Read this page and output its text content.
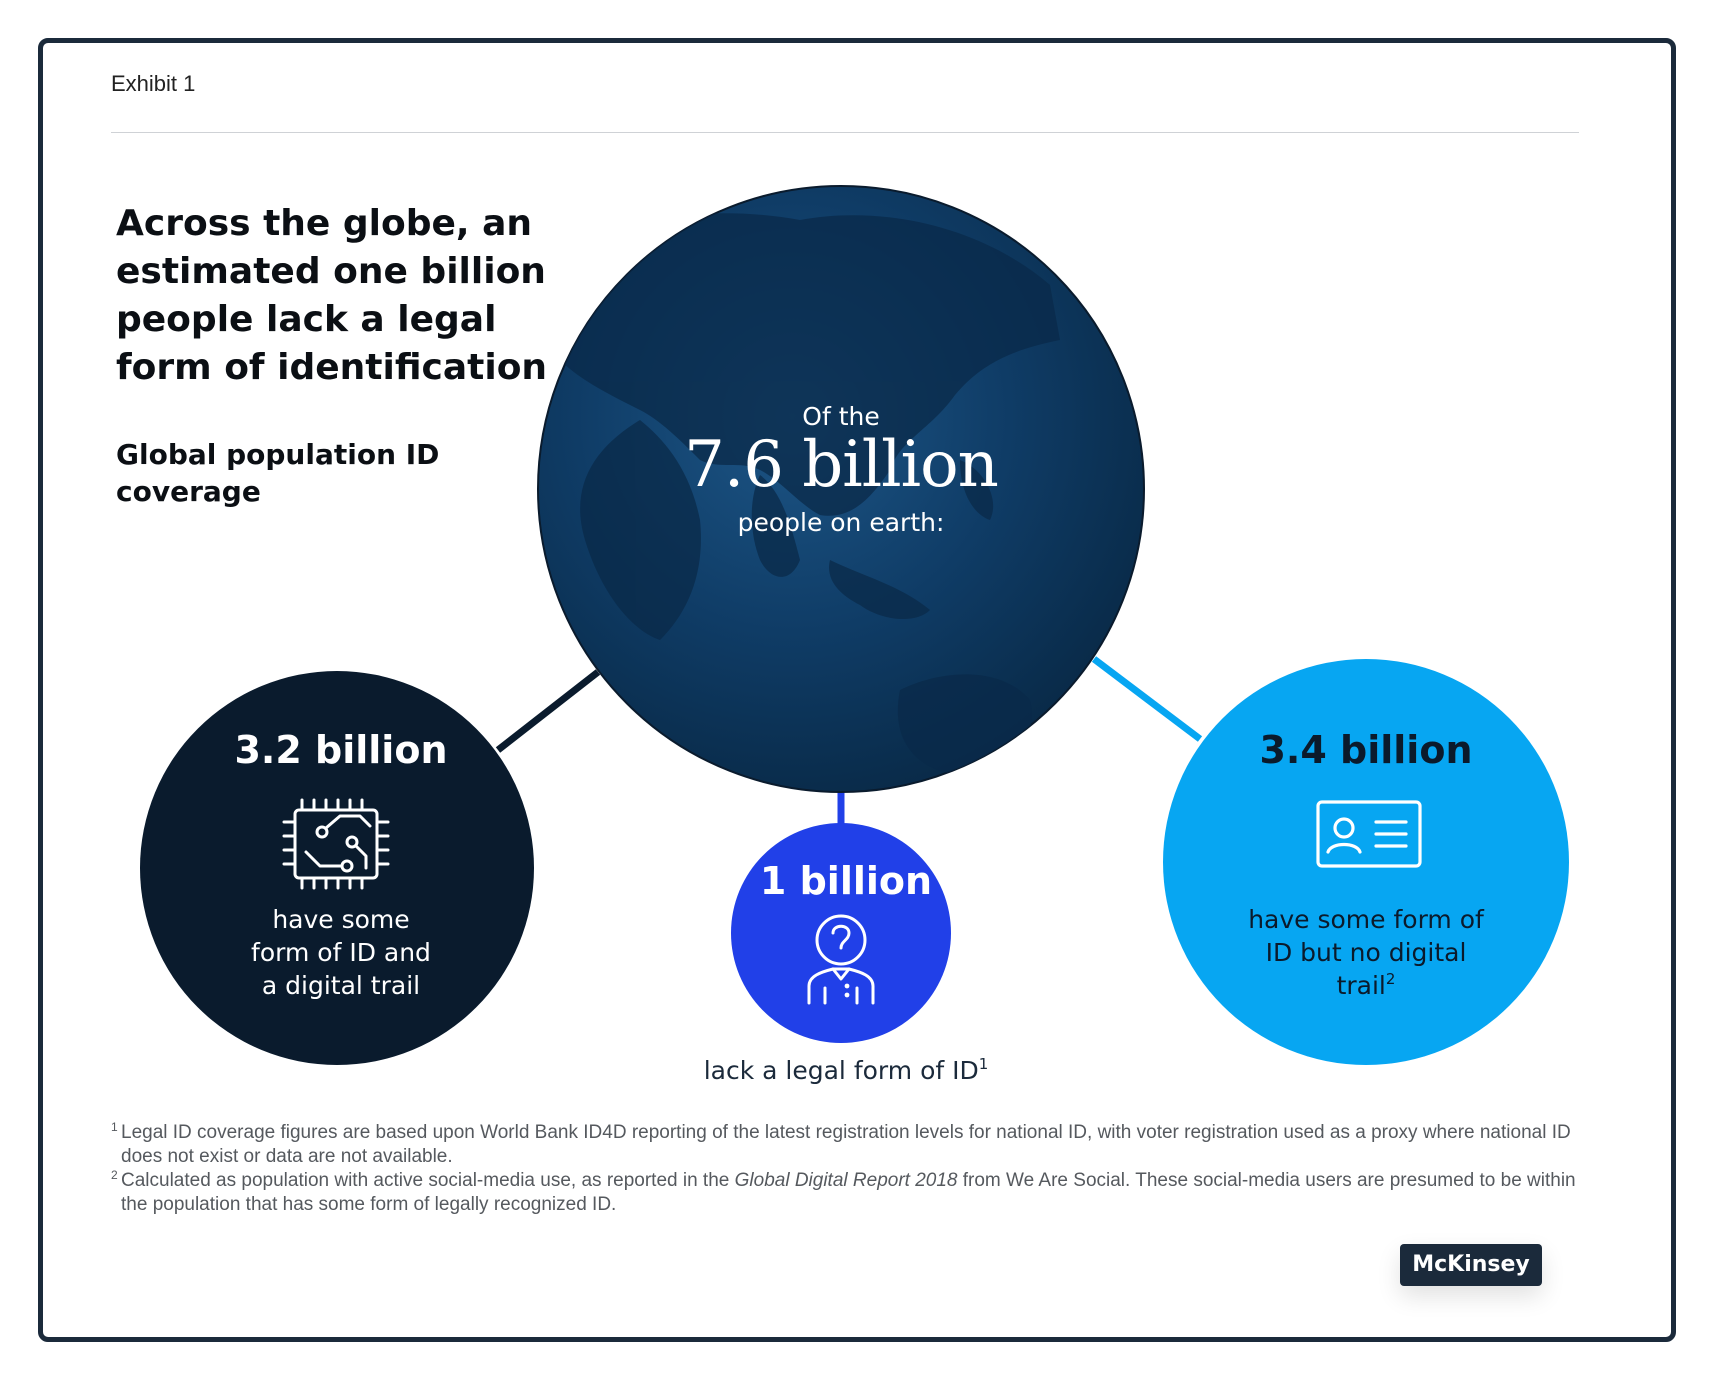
Exhibit 1
Across the globe, an estimated one billion people lack a legal form of identification
Global population ID coverage
Of the
7.6 billion
people on earth:
3.2 billion
have some
form of ID and
a digital trail
1 billion
lack a legal form of $ID^1$
3.4 billion
have some form of
ID but no digital
trail$^2$

1 Legal ID coverage figures are based upon World Bank ID4D reporting of the latest registration levels for national ID, with voter registration used as a proxy where national ID does not exist or data are not available.

2 Calculated as population with active social-media use, as reported in the Global Digital Report 2018 from We Are Social. These social-media users are presumed to be within the population that has some form of legally recognized ID.

McKinsey
